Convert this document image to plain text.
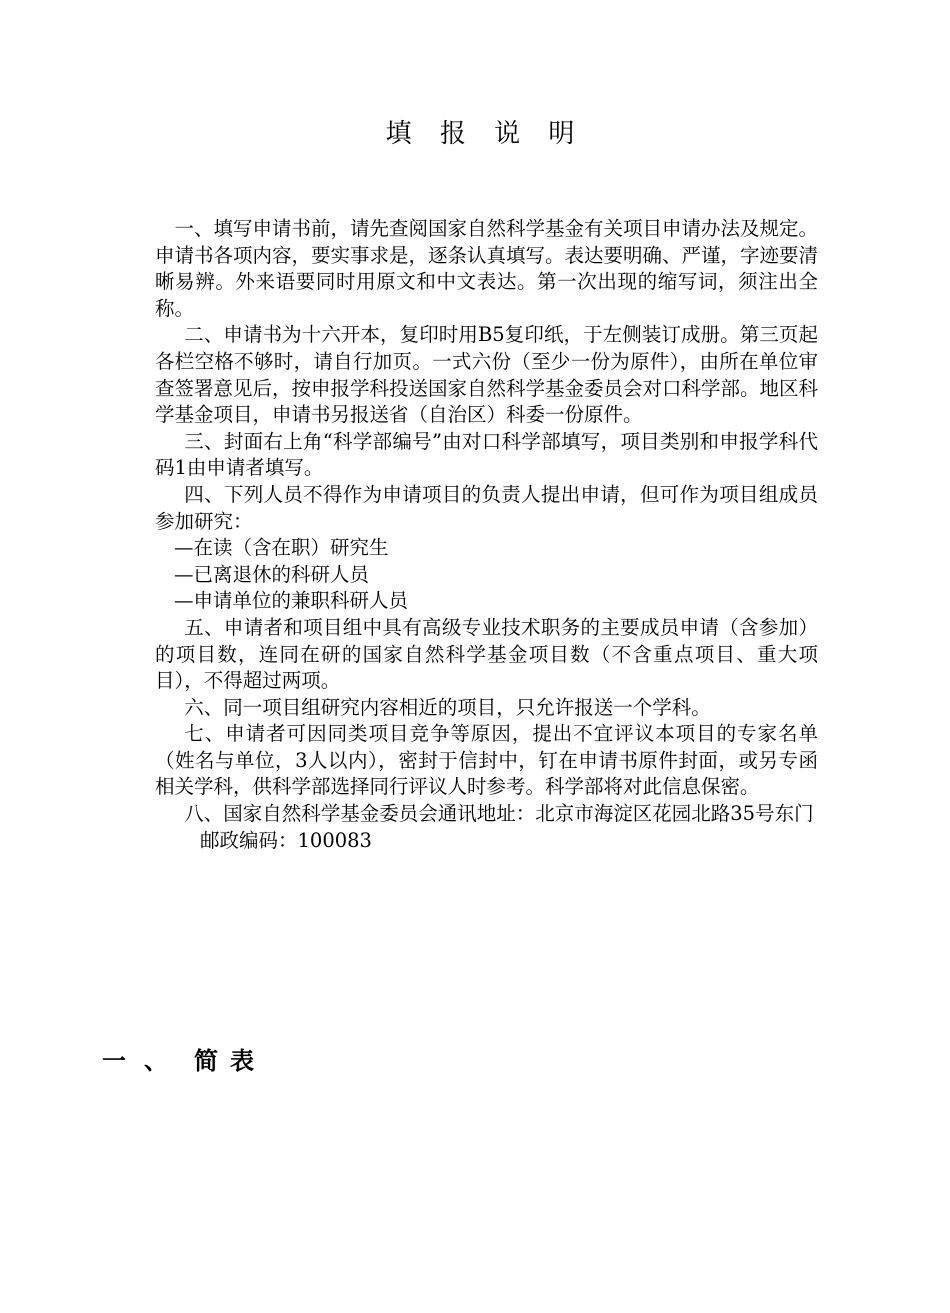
填 报 说 明

一、填写申请书前，请先查阅国家自然科学基金有关项目申请办法及规定。申请书各项内容，要实事求是，逐条认真填写。表达要明确、严谨，字迹要清晰易辨。外来语要同时用原文和中文表达。第一次出现的缩写词，须注出全称。

二、申请书为十六开本，复印时用B5复印纸，于左侧装订成册。第三页起各栏空格不够时，请自行加页。一式六份（至少一份为原件），由所在单位审查签署意见后，按申报学科投送国家自然科学基金委员会对口科学部。地区科学基金项目，申请书另报送省（自治区）科委一份原件。

三、封面右上角“科学部编号”由对口科学部填写，项目类别和申报学科代码1由申请者填写。

四、下列人员不得作为申请项目的负责人提出申请，但可作为项目组成员参加研究：

—在读（含在职）研究生

—已离退休的科研人员

—申请单位的兼职科研人员

五、申请者和项目组中具有高级专业技术职务的主要成员申请（含参加）的项目数，连同在研的国家自然科学基金项目数（不含重点项目、重大项目），不得超过两项。

六、同一项目组研究内容相近的项目，只允许报送一个学科。

七、申请者可因同类项目竞争等原因，提出不宜评议本项目的专家名单（姓名与单位，3人以内），密封于信封中，钉在申请书原件封面，或另专函相关学科，供科学部选择同行评议人时参考。科学部将对此信息保密。

八、国家自然科学基金委员会通讯地址：北京市海淀区花园北路35号东门

邮政编码：100083

一 、 简表
